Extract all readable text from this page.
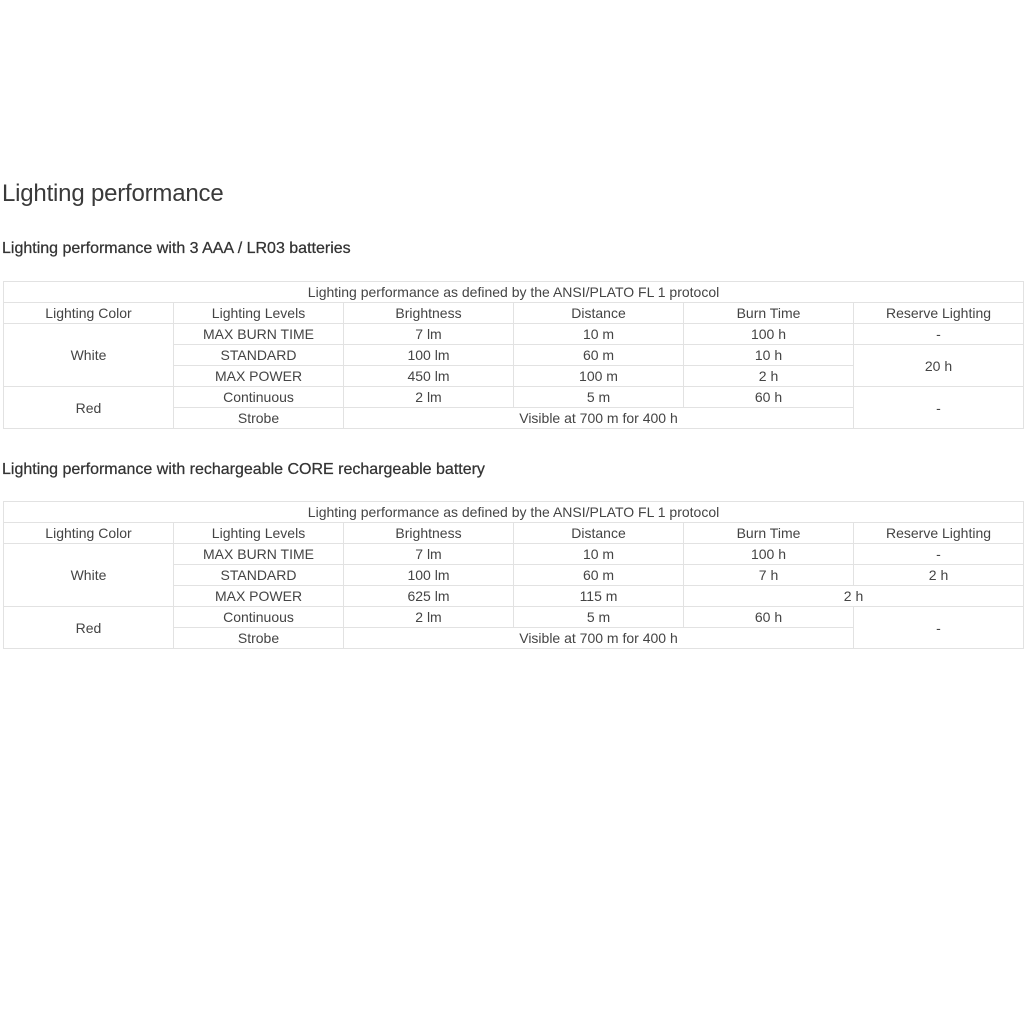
Lighting performance
Lighting performance with 3 AAA / LR03 batteries
Lighting performance as defined by the ANSI/PLATO FL 1 protocol					
Lighting Color	Lighting Levels	Brightness	Distance	Burn Time	Reserve Lighting
White	MAX BURN TIME	7 lm	10 m	100 h	-
	STANDARD	100 lm	60 m	10 h	20 h
	MAX POWER	450 lm	100 m	2 h	
Red	Continuous	2 lm	5 m	60 h	-
	Strobe	Visible at 700 m for 400 h			
Lighting performance with rechargeable CORE rechargeable battery
Lighting performance as defined by the ANSI/PLATO FL 1 protocol					
Lighting Color	Lighting Levels	Brightness	Distance	Burn Time	Reserve Lighting
White	MAX BURN TIME	7 lm	10 m	100 h	-
	STANDARD	100 lm	60 m	7 h	2 h
	MAX POWER	625 lm	115 m	2 h	
Red	Continuous	2 lm	5 m	60 h	-
	Strobe	Visible at 700 m for 400 h			
